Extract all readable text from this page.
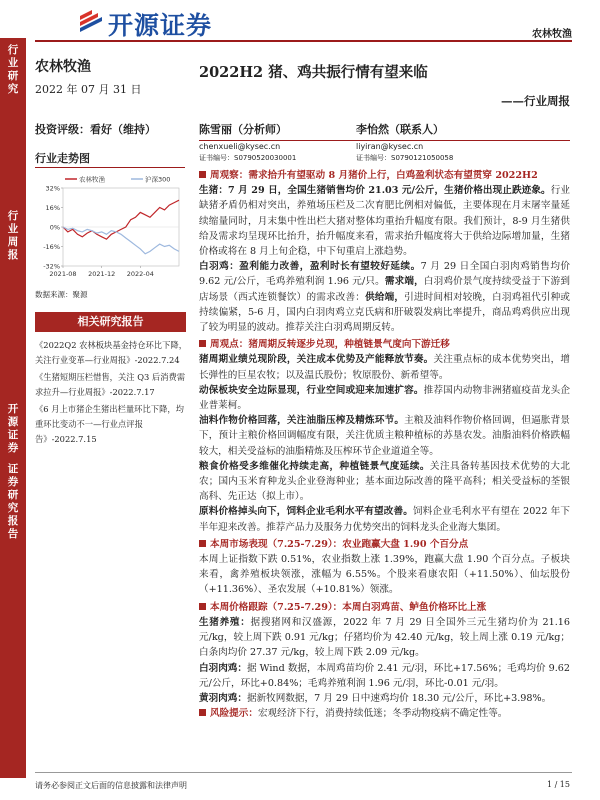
开源证券	农林牧渔
行
业
研
究
行
业
周
报
开
源
证
券
证
券
研
究
报
告
农林牧渔
2022 年 07 月 31 日
投资评级：看好（维持）
行业走势图
-32%
-16%
0%
16%
32%
2021-08 2021-12 2022-04
农林牧渔	沪深300
数据来源：聚源
相关研究报告
《2022Q2 农林板块基金持仓环比下降，关注行业变革—行业周报》-2022.7.24
《生猪短期压栏惜售，关注 Q3 后消费需求拉升—行业周报》-2022.7.17
《6 月上市猪企生猪出栏量环比下降，均重环比变动不一—行业点评报告》-2022.7.15
2022H2 猪、鸡共振行情有望来临
——行业周报
陈雪丽（分析师）
chenxueli@kysec.cn
证书编号：S0790520030001
李怡然（联系人）
liyiran@kysec.cn
证书编号：S0790121050058

周观察：需求拾升有望驱动 8 月猪价上行，白鸡盈利状态有望贯穿 2022H2

生猪：7 月 29 日，全国生猪销售均价 21.03 元/公斤，生猪价格出现止跌迹象。行业缺猪矛盾仍相对突出，养殖场压栏及二次育肥比例相对偏低，主要体现在月末屠宰量延续缩量同时，月末集中性出栏大猪对整体均重抬升幅度有限。我们预计，8-9 月生猪供给及需求均呈现环比抬升，抬升幅度来看，需求抬升幅度将大于供给边际增加量，生猪价格或将在 8 月上旬企稳，中下旬重启上涨趋势。

白羽鸡：盈利能力改善，盈利时长有望较好延续。7 月 29 日全国白羽肉鸡销售均价 9.62 元/公斤，毛鸡养殖利润 1.96 元/只。需求端，白羽鸡价景气度持续受益于下游到店场景（西式连锁餐饮）的需求改善：供给端，引进时间相对较晚，白羽鸡祖代引种或持续偏紧，5-6 月，国内白羽肉鸡立克氏病和肝破裂发病比率提升，商品鸡鸡供应出现了较为明显的波动。推荐关注白羽鸡周期反转。

周观点：猪周期反转逐步兑现，种植链景气度向下游迁移

猪周期业绩兑现阶段，关注成本优势及产能释放节奏。关注重点标的成本优势突出，增长弹性的巨星农牧；以及温氏股份；牧原股份、新希望等。

动保板块安全边际显现，行业空间或迎来加速扩容。推荐国内动物非洲猪瘟疫苗龙头企业普莱柯。

油料作物价格回落，关注油脂压榨及精炼环节。主粮及油料作物价格回调，但逼胀背景下，预计主粮价格回调幅度有限，关注优质主粮种植标的苏垦农发。油脂油料价格跌幅较大，相关受益标的油脂精炼及压榨环节企业道道全等。

粮食价格受多维催化持续走高，种植链景气度延续。关注具备转基因技术优势的大北农；国内玉米育种龙头企业登海种业；基本面边际改善的隆平高科；相关受益标的荃银高科、先正达（拟上市）。

原料价格掉头向下，饲料企业毛利水平有望改善。饲料企业毛利水平有望在 2022 年下半年迎来改善。推荐产品力及服务力优势突出的饲料龙头企业海大集团。

本周市场表现（7.25-7.29）：农业跑赢大盘 1.90 个百分点

本周上证指数下跌 0.51%，农业指数上涨 1.39%，跑赢大盘 1.90 个百分点。子板块来看，禽养殖板块领涨，涨幅为 6.55%。个股来看康农阳（+11.50%）、仙坛股份（+11.36%）、圣农发展（+10.81%）领涨。

本周价格跟踪（7.25-7.29）：本周白羽鸡苗、鲈鱼价格环比上涨

生猪养殖：据搜猪网和汉盛源，2022 年 7 月 29 日全国外三元生猪均价为 21.16 元/kg，较上周下跌 0.91 元/kg；仔猪均价为 42.40 元/kg，较上周上涨 0.19 元/kg；白条肉均价 27.37 元/kg，较上周下跌 2.09 元/kg。

白羽肉鸡：据 Wind 数据，本周鸡苗均价 2.41 元/羽，环比+17.56%；毛鸡均价 9.62 元/公斤，环比+0.84%；毛鸡养殖利润 1.96 元/羽，环比-0.01 元/羽。

黄羽肉鸡：据新牧网数据，7 月 29 日中速鸡均价 18.30 元/公斤，环比+3.98%。

风险提示：宏观经济下行，消费持续低迷；冬季动物疫病不确定性等。

请务必参阅正文后面的信息披露和法律声明	1 / 15
